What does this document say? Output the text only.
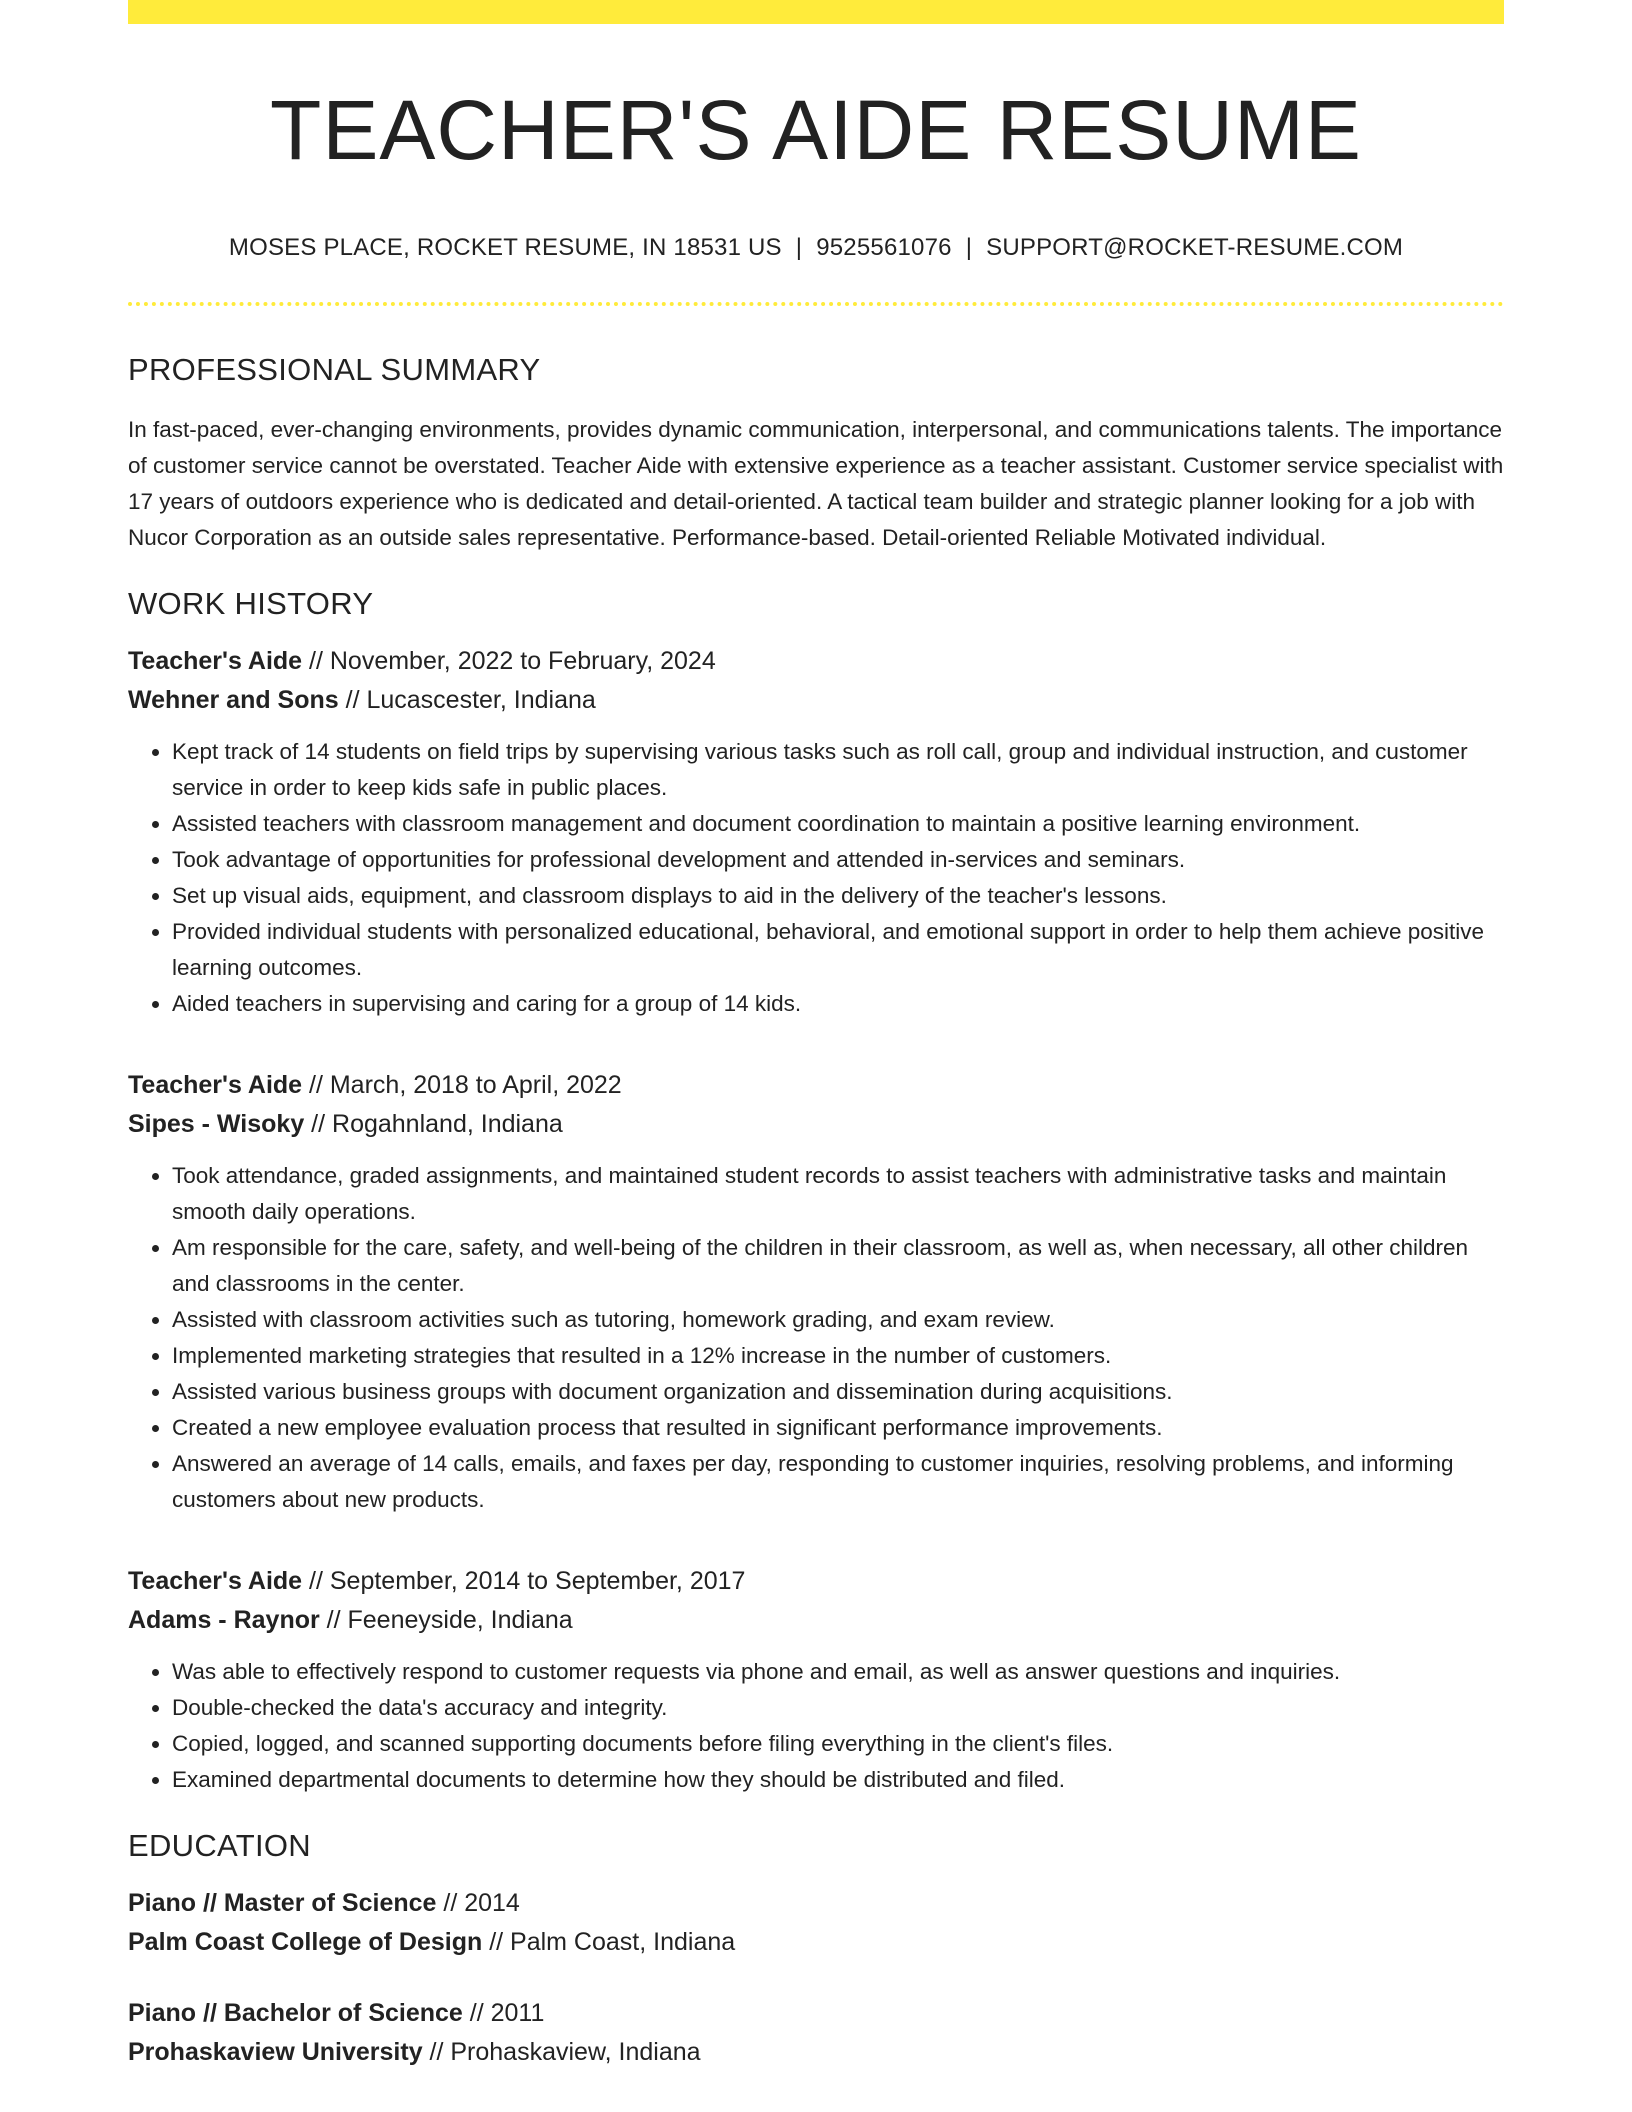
TEACHER'S AIDE RESUME
MOSES PLACE, ROCKET RESUME, IN 18531 US | 9525561076 | SUPPORT@ROCKET-RESUME.COM
PROFESSIONAL SUMMARY

In fast-paced, ever-changing environments, provides dynamic communication, interpersonal, and communications talents. The importance of customer service cannot be overstated. Teacher Aide with extensive experience as a teacher assistant. Customer service specialist with 17 years of outdoors experience who is dedicated and detail-oriented. A tactical team builder and strategic planner looking for a job with Nucor Corporation as an outside sales representative. Performance-based. Detail-oriented Reliable Motivated individual.

WORK HISTORY
Teacher's Aide // November, 2022 to February, 2024
Wehner and Sons // Lucascester, Indiana
• Kept track of 14 students on field trips by supervising various tasks such as roll call, group and individual instruction, and customer service in order to keep kids safe in public places.
• Assisted teachers with classroom management and document coordination to maintain a positive learning environment.
• Took advantage of opportunities for professional development and attended in-services and seminars.
• Set up visual aids, equipment, and classroom displays to aid in the delivery of the teacher's lessons.
• Provided individual students with personalized educational, behavioral, and emotional support in order to help them achieve positive learning outcomes.
• Aided teachers in supervising and caring for a group of 14 kids.
Teacher's Aide // March, 2018 to April, 2022
Sipes - Wisoky // Rogahnland, Indiana
• Took attendance, graded assignments, and maintained student records to assist teachers with administrative tasks and maintain smooth daily operations.
• Am responsible for the care, safety, and well-being of the children in their classroom, as well as, when necessary, all other children and classrooms in the center.
• Assisted with classroom activities such as tutoring, homework grading, and exam review.
• Implemented marketing strategies that resulted in a 12% increase in the number of customers.
• Assisted various business groups with document organization and dissemination during acquisitions.
• Created a new employee evaluation process that resulted in significant performance improvements.
• Answered an average of 14 calls, emails, and faxes per day, responding to customer inquiries, resolving problems, and informing customers about new products.
Teacher's Aide // September, 2014 to September, 2017
Adams - Raynor // Feeneyside, Indiana
• Was able to effectively respond to customer requests via phone and email, as well as answer questions and inquiries.
• Double-checked the data's accuracy and integrity.
• Copied, logged, and scanned supporting documents before filing everything in the client's files.
• Examined departmental documents to determine how they should be distributed and filed.
EDUCATION
Piano // Master of Science // 2014
Palm Coast College of Design // Palm Coast, Indiana
Piano // Bachelor of Science // 2011
Prohaskaview University // Prohaskaview, Indiana
